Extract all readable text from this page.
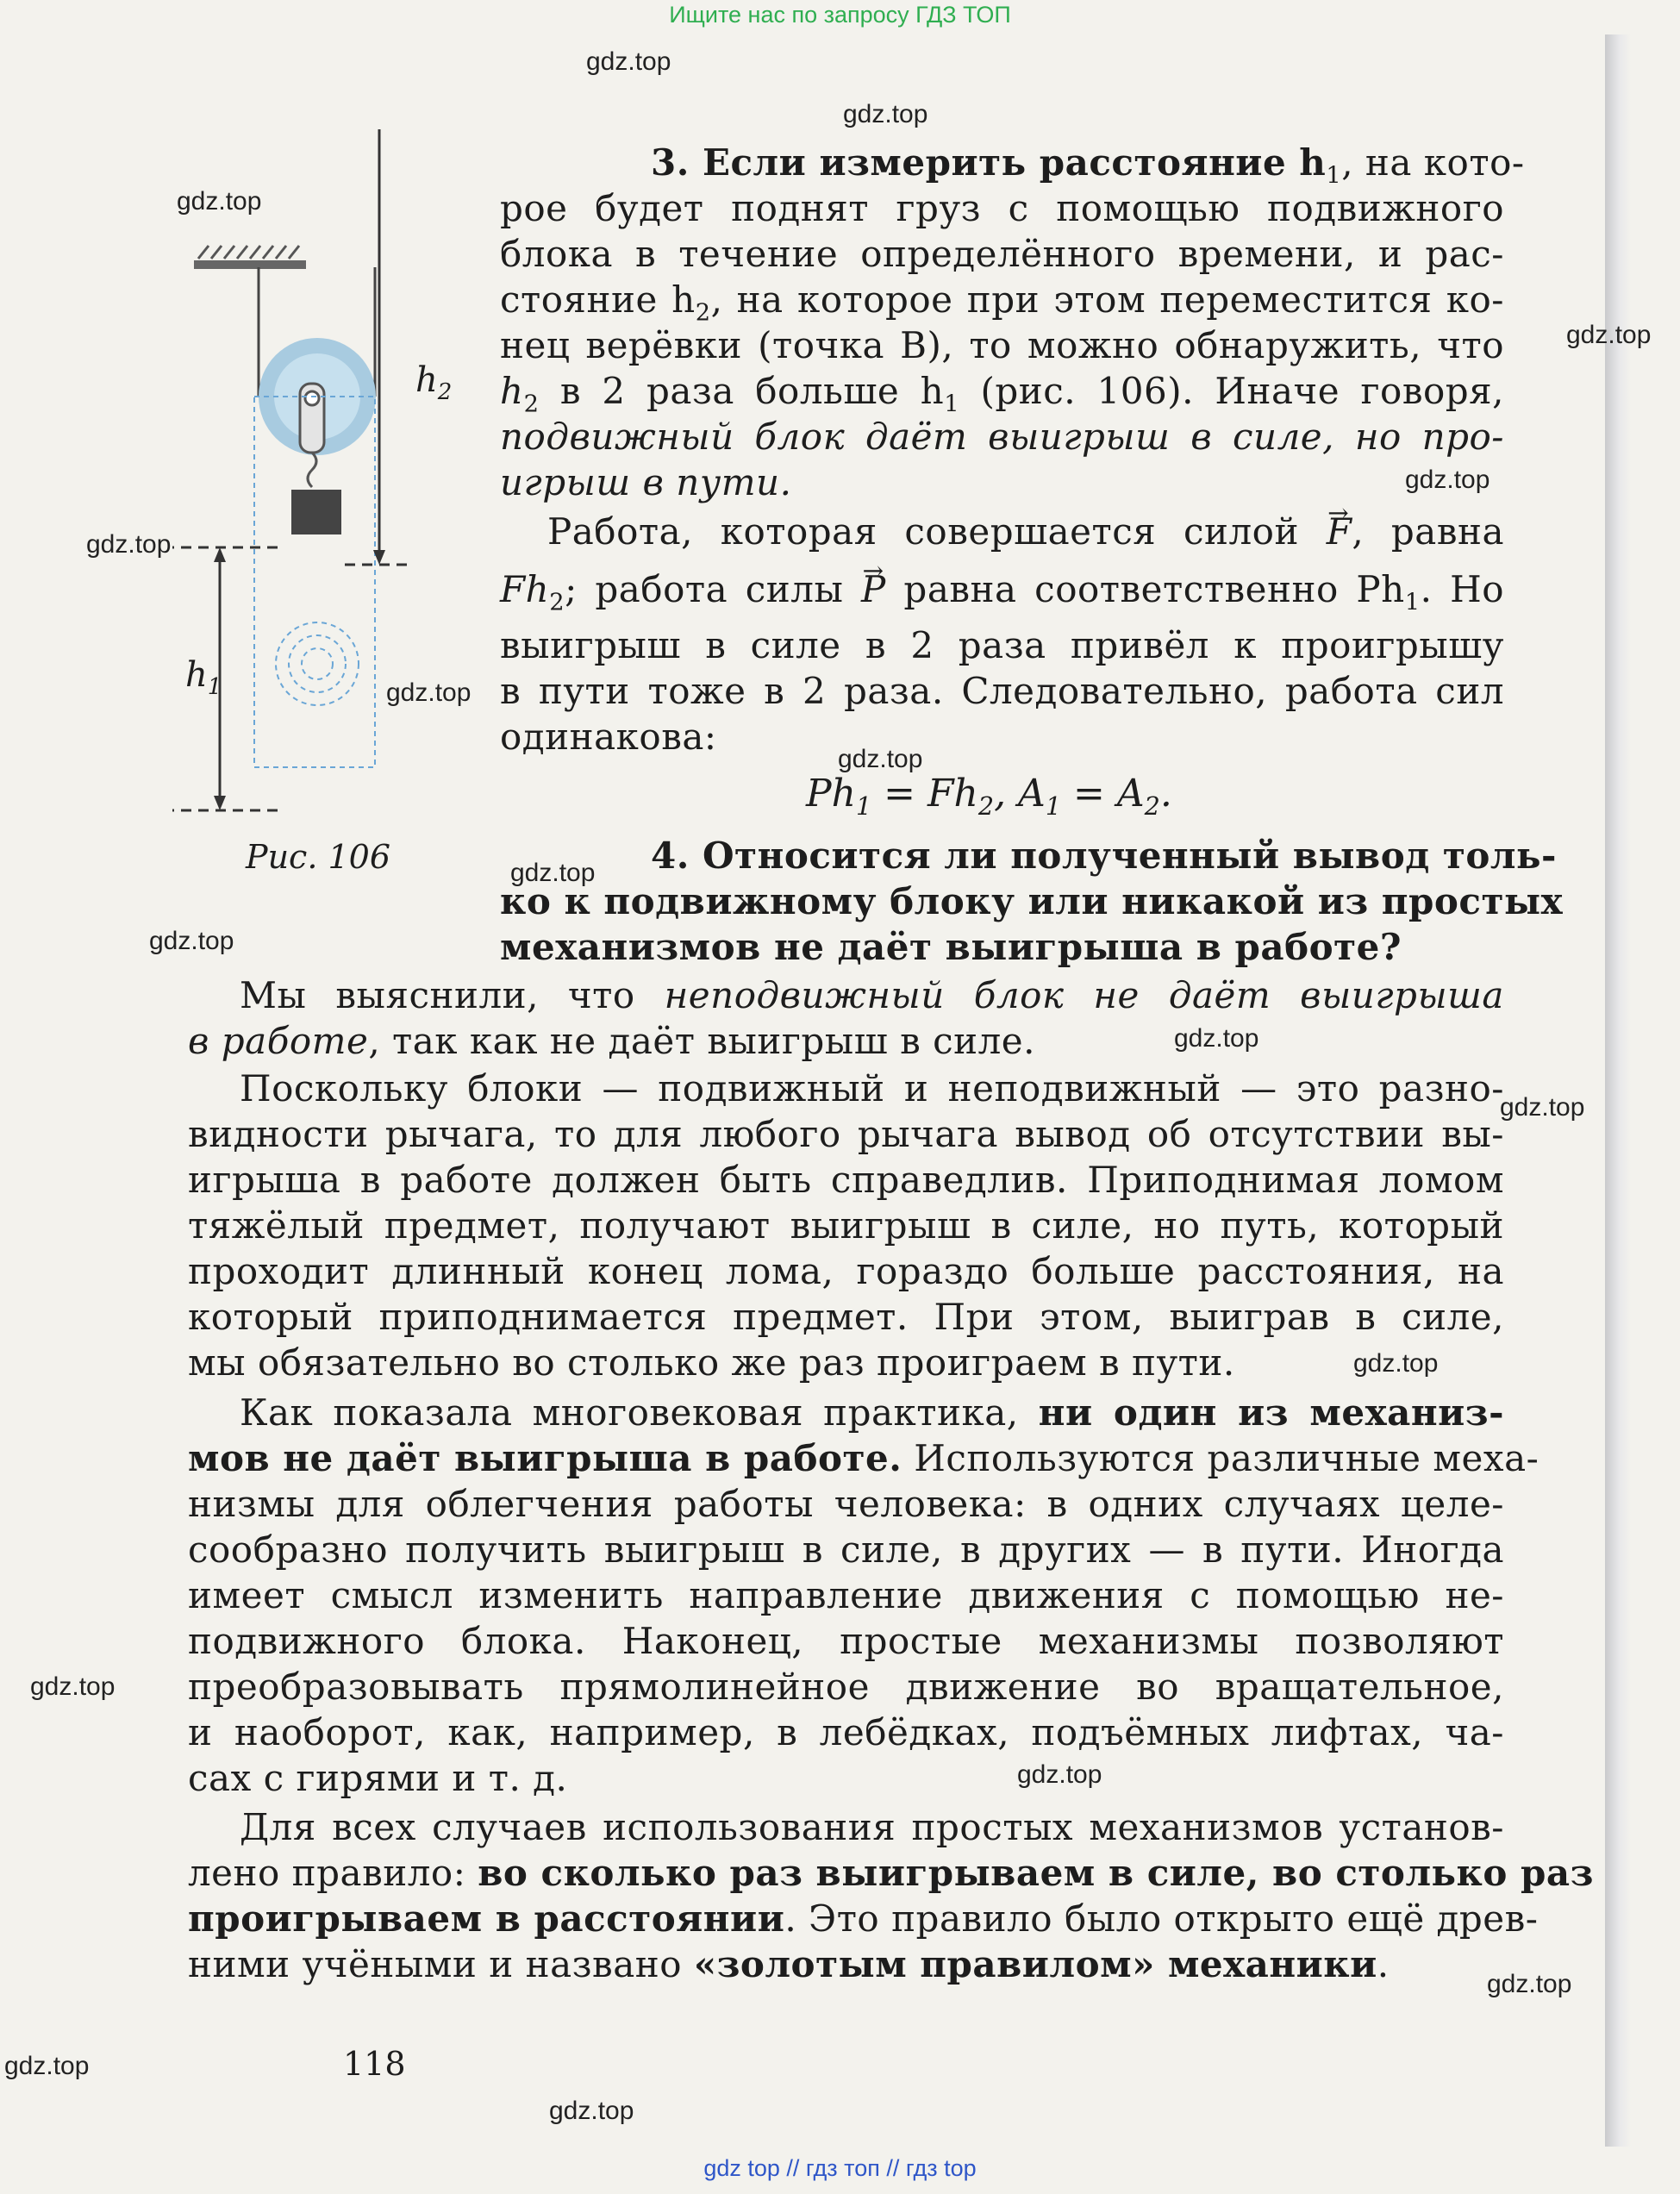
Ищите нас по запросу ГДЗ ТОП
$h_2$
$h_1$
Рис. 106
3. Если измерить расстояние $h_1$, на кото-
рое будет поднят груз с помощью подвижного
блока в течение определённого времени, и рас-
стояние $h_2$, на которое при этом переместится ко-
нец верёвки (точка B), то можно обнаружить, что
$h_2$ в 2 раза больше $h_1$ (рис. 106). Иначе говоря,
подвижный блок даёт выигрыш в силе, но про-
игрыш в пути.
Работа, которая совершается силой → F, равна
$Fh_2$; работа силы → P равна соответственно $Ph_1$. Но
выигрыш в силе в 2 раза привёл к проигрышу
в пути тоже в 2 раза. Следовательно, работа сил
одинакова:
$Ph_1 = Fh_2$, $A_1 = A_2$.
4. Относится ли полученный вывод толь-
ко к подвижному блоку или никакой из простых
механизмов не даёт выигрыша в работе?
Мы выяснили, что неподвижный блок не даёт выигрыша
в работе, так как не даёт выигрыш в силе.
Поскольку блоки — подвижный и неподвижный — это разно-
видности рычага, то для любого рычага вывод об отсутствии вы-
игрыша в работе должен быть справедлив. Приподнимая ломом
тяжёлый предмет, получают выигрыш в силе, но путь, который
проходит длинный конец лома, гораздо больше расстояния, на
который приподнимается предмет. При этом, выиграв в силе,
мы обязательно во столько же раз проиграем в пути.
Как показала многовековая практика, ни один из механиз-
мов не даёт выигрыша в работе. Используются различные меха-
низмы для облегчения работы человека: в одних случаях целе-
сообразно получить выигрыш в силе, в других — в пути. Иногда
имеет смысл изменить направление движения с помощью не-
подвижного блока. Наконец, простые механизмы позволяют
преобразовывать прямолинейное движение во вращательное,
и наоборот, как, например, в лебёдках, подъёмных лифтах, ча-
сах с гирями и т. д.
Для всех случаев использования простых механизмов установ-
лено правило: во сколько раз выигрываем в силе, во столько раз
проигрываем в расстоянии. Это правило было открыто ещё древ-
ними учёными и названо «золотым правилом» механики.
118
gdz.top
gdz.top
gdz.top
gdz.top
gdz.top
gdz.top
gdz.top
gdz.top
gdz.top
gdz.top
gdz.top
gdz.top
gdz.top
gdz.top
gdz.top
gdz.top
gdz.top
gdz.top
gdz top // гдз топ // гдз top
